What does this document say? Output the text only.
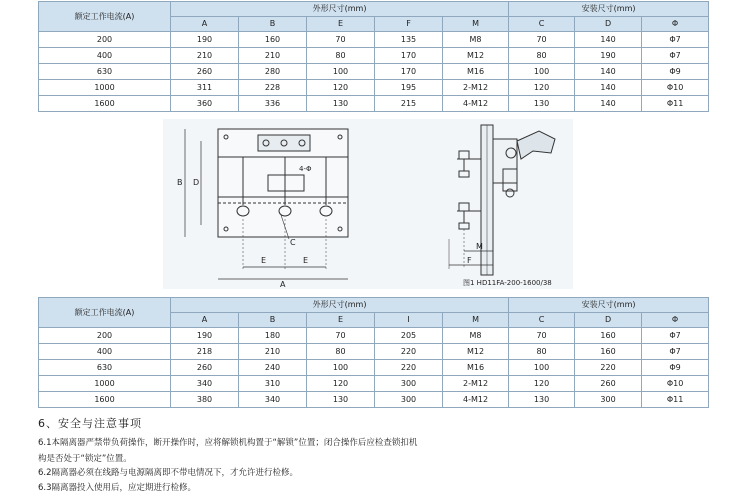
额定工作电流(A)	外形尺寸(mm)					安装尺寸(mm)		
	A	B	E	F	M	C	D	Φ
200	190	160	70	135	M8	70	140	Φ7
400	210	210	80	170	M12	80	190	Φ7
630	260	280	100	170	M16	100	140	Φ9
1000	311	228	120	195	2-M12	120	140	Φ10
1600	360	336	130	215	4-M12	130	140	Φ11
B D
4-Φ
C
E	E
A
M
F
图1 HD11FA-200-1600/38
额定工作电流(A)	外形尺寸(mm)					安装尺寸(mm)		
	A	B	E	I	M	C	D	Φ
200	190	180	70	205	M8	70	160	Φ7
400	218	210	80	220	M12	80	160	Φ7
630	260	240	100	220	M16	100	220	Φ9
1000	340	310	120	300	2-M12	120	260	Φ10
1600	380	340	130	300	4-M12	130	300	Φ11
6、安全与注意事项
6.1本隔离器严禁带负荷操作，断开操作时，应将解锁机构置于“解锁”位置；闭合操作后应检查锁扣机
构是否处于“锁定”位置。
6.2隔离器必须在线路与电源隔离即不带电情况下，才允许进行检修。
6.3隔离器投入使用后，应定期进行检修。
